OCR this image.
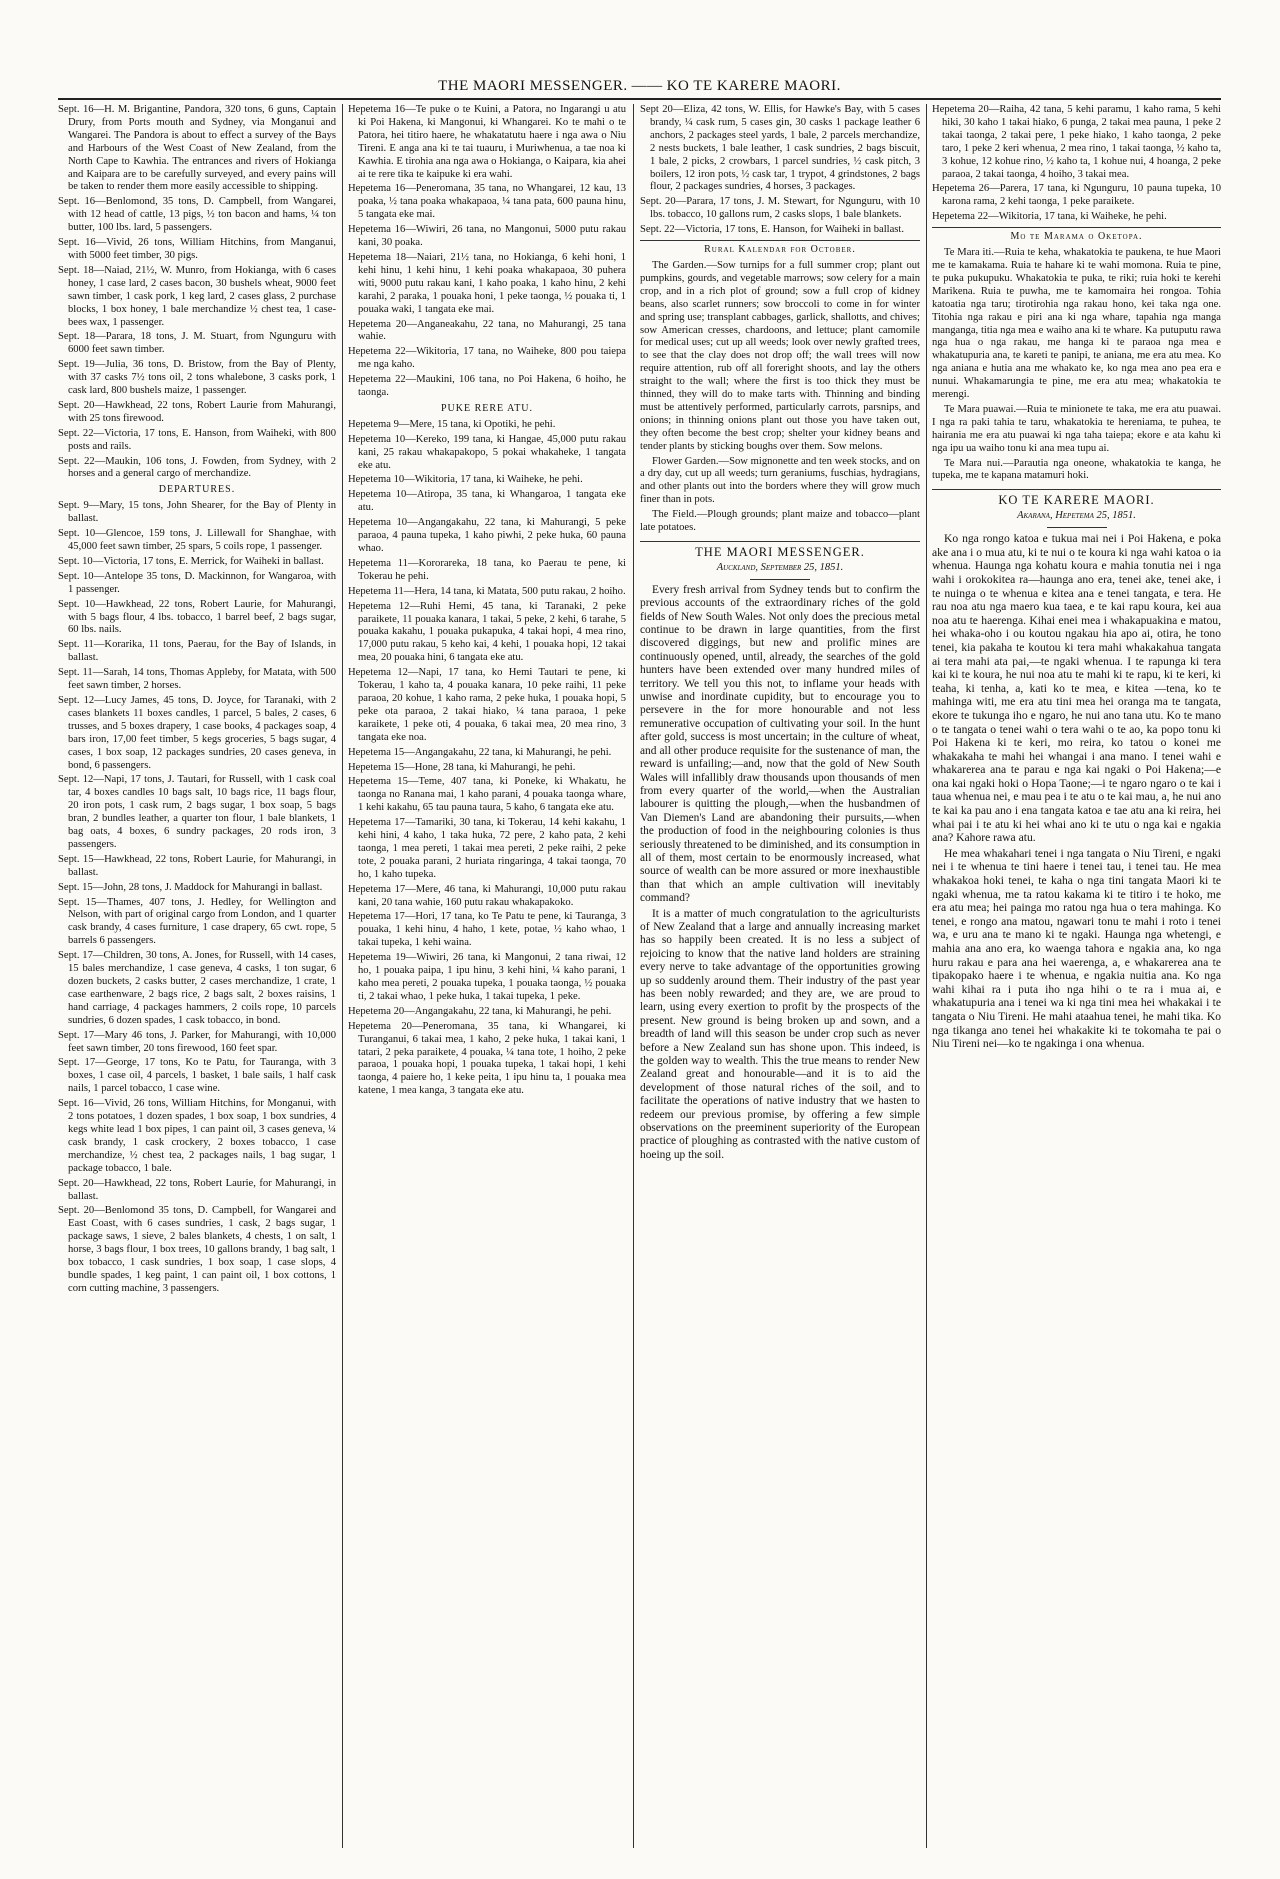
THE MAORI MESSENGER. —— KO TE KARERE MAORI.

Sept. 16—H. M. Brigantine, Pandora, 320 tons, 6 guns, Captain Drury, from Ports mouth and Sydney, via Monganui and Wangarei. The Pandora is about to effect a survey of the Bays and Harbours of the West Coast of New Zealand, from the North Cape to Kawhia. The entrances and rivers of Hokianga and Kaipara are to be carefully surveyed, and every pains will be taken to render them more easily accessible to shipping.

Sept. 16—Benlomond, 35 tons, D. Campbell, from Wangarei, with 12 head of cattle, 13 pigs, ½ ton bacon and hams, ¼ ton butter, 100 lbs. lard, 5 passengers.

Sept. 16—Vivid, 26 tons, William Hitchins, from Manganui, with 5000 feet timber, 30 pigs.

Sept. 18—Naiad, 21½, W. Munro, from Hokianga, with 6 cases honey, 1 case lard, 2 cases bacon, 30 bushels wheat, 9000 feet sawn timber, 1 cask pork, 1 keg lard, 2 cases glass, 2 purchase blocks, 1 box honey, 1 bale merchandize ½ chest tea, 1 case-bees wax, 1 passenger.

Sept. 18—Parara, 18 tons, J. M. Stuart, from Ngunguru with 6000 feet sawn timber.

Sept. 19—Julia, 36 tons, D. Bristow, from the Bay of Plenty, with 37 casks 7½ tons oil, 2 tons whalebone, 3 casks pork, 1 cask lard, 800 bushels maize, 1 passenger.

Sept. 20—Hawkhead, 22 tons, Robert Laurie from Mahurangi, with 25 tons firewood.

Sept. 22—Victoria, 17 tons, E. Hanson, from Waiheki, with 800 posts and rails.

Sept. 22—Maukin, 106 tons, J. Fowden, from Sydney, with 2 horses and a general cargo of merchandize.

DEPARTURES.

Sept. 9—Mary, 15 tons, John Shearer, for the Bay of Plenty in ballast.

Sept. 10—Glencoe, 159 tons, J. Lillewall for Shanghae, with 45,000 feet sawn timber, 25 spars, 5 coils rope, 1 passenger.

Sept. 10—Victoria, 17 tons, E. Merrick, for Waiheki in ballast.

Sept. 10—Antelope 35 tons, D. Mackinnon, for Wangaroa, with 1 passenger.

Sept. 10—Hawkhead, 22 tons, Robert Laurie, for Mahurangi, with 5 bags flour, 4 lbs. tobacco, 1 barrel beef, 2 bags sugar, 60 lbs. nails.

Sept. 11—Korarika, 11 tons, Paerau, for the Bay of Islands, in ballast.

Sept. 11—Sarah, 14 tons, Thomas Appleby, for Matata, with 500 feet sawn timber, 2 horses.

Sept. 12—Lucy James, 45 tons, D. Joyce, for Taranaki, with 2 cases blankets 11 boxes candles, 1 parcel, 5 bales, 2 cases, 6 trusses, and 5 boxes drapery, 1 case books, 4 packages soap, 4 bars iron, 17,00 feet timber, 5 kegs groceries, 5 bags sugar, 4 cases, 1 box soap, 12 packages sundries, 20 cases geneva, in bond, 6 passengers.

Sept. 12—Napi, 17 tons, J. Tautari, for Russell, with 1 cask coal tar, 4 boxes candles 10 bags salt, 10 bags rice, 11 bags flour, 20 iron pots, 1 cask rum, 2 bags sugar, 1 box soap, 5 bags bran, 2 bundles leather, a quarter ton flour, 1 bale blankets, 1 bag oats, 4 boxes, 6 sundry packages, 20 rods iron, 3 passengers.

Sept. 15—Hawkhead, 22 tons, Robert Laurie, for Mahurangi, in ballast.

Sept. 15—John, 28 tons, J. Maddock for Mahurangi in ballast.

Sept. 15—Thames, 407 tons, J. Hedley, for Wellington and Nelson, with part of original cargo from London, and 1 quarter cask brandy, 4 cases furniture, 1 case drapery, 65 cwt. rope, 5 barrels 6 passengers.

Sept. 17—Children, 30 tons, A. Jones, for Russell, with 14 cases, 15 bales merchandize, 1 case geneva, 4 casks, 1 ton sugar, 6 dozen buckets, 2 casks butter, 2 cases merchandize, 1 crate, 1 case earthenware, 2 bags rice, 2 bags salt, 2 boxes raisins, 1 hand carriage, 4 packages hammers, 2 coils rope, 10 parcels sundries, 6 dozen spades, 1 cask tobacco, in bond.

Sept. 17—Mary 46 tons, J. Parker, for Mahurangi, with 10,000 feet sawn timber, 20 tons firewood, 160 feet spar.

Sept. 17—George, 17 tons, Ko te Patu, for Tauranga, with 3 boxes, 1 case oil, 4 parcels, 1 basket, 1 bale sails, 1 half cask nails, 1 parcel tobacco, 1 case wine.

Sept. 16—Vivid, 26 tons, William Hitchins, for Monganui, with 2 tons potatoes, 1 dozen spades, 1 box soap, 1 box sundries, 4 kegs white lead 1 box pipes, 1 can paint oil, 3 cases geneva, ¼ cask brandy, 1 cask crockery, 2 boxes tobacco, 1 case merchandize, ½ chest tea, 2 packages nails, 1 bag sugar, 1 package tobacco, 1 bale.

Sept. 20—Hawkhead, 22 tons, Robert Laurie, for Mahurangi, in ballast.

Sept. 20—Benlomond 35 tons, D. Campbell, for Wangarei and East Coast, with 6 cases sundries, 1 cask, 2 bags sugar, 1 package saws, 1 sieve, 2 bales blankets, 4 chests, 1 on salt, 1 horse, 3 bags flour, 1 box trees, 10 gallons brandy, 1 bag salt, 1 box tobacco, 1 cask sundries, 1 box soap, 1 case slops, 4 bundle spades, 1 keg paint, 1 can paint oil, 1 box cottons, 1 corn cutting machine, 3 passengers.

Hepetema 16—Te puke o te Kuini, a Patora, no Ingarangi u atu ki Poi Hakena, ki Mangonui, ki Whangarei. Ko te mahi o te Patora, hei titiro haere, he whakatatutu haere i nga awa o Niu Tireni. E anga ana ki te tai tuauru, i Muriwhenua, a tae noa ki Kawhia. E tirohia ana nga awa o Hokianga, o Kaipara, kia ahei ai te rere tika te kaipuke ki era wahi.

Hepetema 16—Peneromana, 35 tana, no Whangarei, 12 kau, 13 poaka, ½ tana poaka whakapaoa, ¼ tana pata, 600 pauna hinu, 5 tangata eke mai.

Hepetema 16—Wiwiri, 26 tana, no Mangonui, 5000 putu rakau kani, 30 poaka.

Hepetema 18—Naiari, 21½ tana, no Hokianga, 6 kehi honi, 1 kehi hinu, 1 kehi hinu, 1 kehi poaka whakapaoa, 30 puhera witi, 9000 putu rakau kani, 1 kaho poaka, 1 kaho hinu, 2 kehi karahi, 2 paraka, 1 pouaka honi, 1 peke taonga, ½ pouaka ti, 1 pouaka waki, 1 tangata eke mai.

Hepetema 20—Anganeakahu, 22 tana, no Mahurangi, 25 tana wahie.

Hepetema 22—Wikitoria, 17 tana, no Waiheke, 800 pou taiepa me nga kaho.

Hepetema 22—Maukini, 106 tana, no Poi Hakena, 6 hoiho, he taonga.

PUKE RERE ATU.

Hepetema 9—Mere, 15 tana, ki Opotiki, he pehi.

Hepetema 10—Kereko, 199 tana, ki Hangae, 45,000 putu rakau kani, 25 rakau whakapakopo, 5 pokai whakaheke, 1 tangata eke atu.

Hepetema 10—Wikitoria, 17 tana, ki Waiheke, he pehi.

Hepetema 10—Atiropa, 35 tana, ki Whangaroa, 1 tangata eke atu.

Hepetema 10—Angangakahu, 22 tana, ki Mahurangi, 5 peke paraoa, 4 pauna tupeka, 1 kaho piwhi, 2 peke huka, 60 pauna whao.

Hepetema 11—Kororareka, 18 tana, ko Paerau te pene, ki Tokerau he pehi.

Hepetema 11—Hera, 14 tana, ki Matata, 500 putu rakau, 2 hoiho.

Hepetema 12—Ruhi Hemi, 45 tana, ki Taranaki, 2 peke paraikete, 11 pouaka kanara, 1 takai, 5 peke, 2 kehi, 6 tarahe, 5 pouaka kakahu, 1 pouaka pukapuka, 4 takai hopi, 4 mea rino, 17,000 putu rakau, 5 keho kai, 4 kehi, 1 pouaka hopi, 12 takai mea, 20 pouaka hini, 6 tangata eke atu.

Hepetema 12—Napi, 17 tana, ko Hemi Tautari te pene, ki Tokerau, 1 kaho ta, 4 pouaka kanara, 10 peke raihi, 11 peke paraoa, 20 kohue, 1 kaho rama, 2 peke huka, 1 pouaka hopi, 5 peke ota paraoa, 2 takai hiako, ¼ tana paraoa, 1 peke karaikete, 1 peke oti, 4 pouaka, 6 takai mea, 20 mea rino, 3 tangata eke noa.

Hepetema 15—Angangakahu, 22 tana, ki Mahurangi, he pehi.

Hepetema 15—Hone, 28 tana, ki Mahurangi, he pehi.

Hepetema 15—Teme, 407 tana, ki Poneke, ki Whakatu, he taonga no Ranana mai, 1 kaho parani, 4 pouaka taonga whare, 1 kehi kakahu, 65 tau pauna taura, 5 kaho, 6 tangata eke atu.

Hepetema 17—Tamariki, 30 tana, ki Tokerau, 14 kehi kakahu, 1 kehi hini, 4 kaho, 1 taka huka, 72 pere, 2 kaho pata, 2 kehi taonga, 1 mea pereti, 1 takai mea pereti, 2 peke raihi, 2 peke tote, 2 pouaka parani, 2 huriata ringaringa, 4 takai taonga, 70 ho, 1 kaho tupeka.

Hepetema 17—Mere, 46 tana, ki Mahurangi, 10,000 putu rakau kani, 20 tana wahie, 160 putu rakau whakapakoko.

Hepetema 17—Hori, 17 tana, ko Te Patu te pene, ki Tauranga, 3 pouaka, 1 kehi hinu, 4 haho, 1 kete, potae, ½ kaho whao, 1 takai tupeka, 1 kehi waina.

Hepetema 19—Wiwiri, 26 tana, ki Mangonui, 2 tana riwai, 12 ho, 1 pouaka paipa, 1 ipu hinu, 3 kehi hini, ¼ kaho parani, 1 kaho mea pereti, 2 pouaka tupeka, 1 pouaka taonga, ½ pouaka ti, 2 takai whao, 1 peke huka, 1 takai tupeka, 1 peke.

Hepetema 20—Angangakahu, 22 tana, ki Mahurangi, he pehi.

Hepetema 20—Peneromana, 35 tana, ki Whangarei, ki Turanganui, 6 takai mea, 1 kaho, 2 peke huka, 1 takai kani, 1 tatari, 2 peka paraikete, 4 pouaka, ¼ tana tote, 1 hoiho, 2 peke paraoa, 1 pouaka hopi, 1 pouaka tupeka, 1 takai hopi, 1 kehi taonga, 4 paiere ho, 1 keke peita, 1 ipu hinu ta, 1 pouaka mea katene, 1 mea kanga, 3 tangata eke atu.

Sept 20—Eliza, 42 tons, W. Ellis, for Hawke's Bay, with 5 cases brandy, ¼ cask rum, 5 cases gin, 30 casks 1 package leather 6 anchors, 2 packages steel yards, 1 bale, 2 parcels merchandize, 2 nests buckets, 1 bale leather, 1 cask sundries, 2 bags biscuit, 1 bale, 2 picks, 2 crowbars, 1 parcel sundries, ½ cask pitch, 3 boilers, 12 iron pots, ½ cask tar, 1 trypot, 4 grindstones, 2 bags flour, 2 packages sundries, 4 horses, 3 packages.

Sept. 20—Parara, 17 tons, J. M. Stewart, for Ngunguru, with 10 lbs. tobacco, 10 gallons rum, 2 casks slops, 1 bale blankets.

Sept. 22—Victoria, 17 tons, E. Hanson, for Waiheki in ballast.

Rural Kalendar for October.

The Garden.—Sow turnips for a full summer crop; plant out pumpkins, gourds, and vegetable marrows; sow celery for a main crop, and in a rich plot of ground; sow a full crop of kidney beans, also scarlet runners; sow broccoli to come in for winter and spring use; transplant cabbages, garlick, shallotts, and chives; sow American cresses, chardoons, and lettuce; plant camomile for medical uses; cut up all weeds; look over newly grafted trees, to see that the clay does not drop off; the wall trees will now require attention, rub off all foreright shoots, and lay the others straight to the wall; where the first is too thick they must be thinned, they will do to make tarts with. Thinning and binding must be attentively performed, particularly carrots, parsnips, and onions; in thinning onions plant out those you have taken out, they often become the best crop; shelter your kidney beans and tender plants by sticking boughs over them. Sow melons.

Flower Garden.—Sow mignonette and ten week stocks, and on a dry day, cut up all weeds; turn geraniums, fuschias, hydragians, and other plants out into the borders where they will grow much finer than in pots.

The Field.—Plough grounds; plant maize and tobacco—plant late potatoes.

THE MAORI MESSENGER.
Auckland, September 25, 1851.

Every fresh arrival from Sydney tends but to confirm the previous accounts of the extraordinary riches of the gold fields of New South Wales. Not only does the precious metal continue to be drawn in large quantities, from the first discovered diggings, but new and prolific mines are continuously opened, until, already, the searches of the gold hunters have been extended over many hundred miles of territory. We tell you this not, to inflame your heads with unwise and inordinate cupidity, but to encourage you to persevere in the for more honourable and not less remunerative occupation of cultivating your soil. In the hunt after gold, success is most uncertain; in the culture of wheat, and all other produce requisite for the sustenance of man, the reward is unfailing;—and, now that the gold of New South Wales will infallibly draw thousands upon thousands of men from every quarter of the world,—when the Australian labourer is quitting the plough,—when the husbandmen of Van Diemen's Land are abandoning their pursuits,—when the production of food in the neighbouring colonies is thus seriously threatened to be diminished, and its consumption in all of them, most certain to be enormously increased, what source of wealth can be more assured or more inexhaustible than that which an ample cultivation will inevitably command?

It is a matter of much congratulation to the agriculturists of New Zealand that a large and annually increasing market has so happily been created. It is no less a subject of rejoicing to know that the native land holders are straining every nerve to take advantage of the opportunities growing up so suddenly around them. Their industry of the past year has been nobly rewarded; and they are, we are proud to learn, using every exertion to profit by the prospects of the present. New ground is being broken up and sown, and a breadth of land will this season be under crop such as never before a New Zealand sun has shone upon. This indeed, is the golden way to wealth. This the true means to render New Zealand great and honourable—and it is to aid the development of those natural riches of the soil, and to facilitate the operations of native industry that we hasten to redeem our previous promise, by offering a few simple observations on the preeminent superiority of the European practice of ploughing as contrasted with the native custom of hoeing up the soil.

Hepetema 20—Raiha, 42 tana, 5 kehi paramu, 1 kaho rama, 5 kehi hiki, 30 kaho 1 takai hiako, 6 punga, 2 takai mea pauna, 1 peke 2 takai taonga, 2 takai pere, 1 peke hiako, 1 kaho taonga, 2 peke taro, 1 peke 2 keri whenua, 2 mea rino, 1 takai taonga, ½ kaho ta, 3 kohue, 12 kohue rino, ½ kaho ta, 1 kohue nui, 4 hoanga, 2 peke paraoa, 2 takai taonga, 4 hoiho, 3 takai mea.

Hepetema 26—Parera, 17 tana, ki Ngunguru, 10 pauna tupeka, 10 karona rama, 2 kehi taonga, 1 peke paraikete.

Hepetema 22—Wikitoria, 17 tana, ki Waiheke, he pehi.

Mo te Marama o Oketopa.

Te Mara iti.—Ruia te keha, whakatokia te paukena, te hue Maori me te kamakama. Ruia te hahare ki te wahi momona. Ruia te pine, te puka pukupuku. Whakatokia te puka, te riki; ruia hoki te kerehi Marikena. Ruia te puwha, me te kamomaira hei rongoa. Tohia katoatia nga taru; tirotirohia nga rakau hono, kei taka nga one. Titohia nga rakau e piri ana ki nga whare, tapahia nga manga manganga, titia nga mea e waiho ana ki te whare. Ka putuputu rawa nga hua o nga rakau, me hanga ki te paraoa nga mea e whakatupuria ana, te kareti te panipi, te aniana, me era atu mea. Ko nga aniana e hutia ana me whakato ke, ko nga mea ano pea era e nunui. Whakamarungia te pine, me era atu mea; whakatokia te merengi.

Te Mara puawai.—Ruia te minionete te taka, me era atu puawai. I nga ra paki tahia te taru, whakatokia te hereniama, te puhea, te hairania me era atu puawai ki nga taha taiepa; ekore e ata kahu ki nga ipu ua waiho tonu ki ana mea tupu ai.

Te Mara nui.—Parautia nga oneone, whakatokia te kanga, he tupeka, me te kapana matamuri hoki.

KO TE KARERE MAORI.
Akarana, Hepetema 25, 1851.

Ko nga rongo katoa e tukua mai nei i Poi Hakena, e poka ake ana i o mua atu, ki te nui o te koura ki nga wahi katoa o ia whenua. Haunga nga kohatu koura e mahia tonutia nei i nga wahi i orokokitea ra—haunga ano era, tenei ake, tenei ake, i te nuinga o te whenua e kitea ana e tenei tangata, e tera. He rau noa atu nga maero kua taea, e te kai rapu koura, kei aua noa atu te haerenga. Kihai enei mea i whakapuakina e matou, hei whaka-oho i ou koutou ngakau hia apo ai, otira, he tono tenei, kia pakaha te koutou ki tera mahi whakakahua tangata ai tera mahi ata pai,—te ngaki whenua. I te rapunga ki tera kai ki te koura, he nui noa atu te mahi ki te rapu, ki te keri, ki teaha, ki tenha, a, kati ko te mea, e kitea —tena, ko te mahinga witi, me era atu tini mea hei oranga ma te tangata, ekore te tukunga iho e ngaro, he nui ano tana utu. Ko te mano o te tangata o tenei wahi o tera wahi o te ao, ka popo tonu ki Poi Hakena ki te keri, mo reira, ko tatou o konei me whakakaha te mahi hei whangai i ana mano. I tenei wahi e whakarerea ana te parau e nga kai ngaki o Poi Hakena;—e ona kai ngaki hoki o Hopa Taone;—i te ngaro ngaro o te kai i taua whenua nei, e mau pea i te atu o te kai mau, a, he nui ano te kai ka pau ano i ena tangata katoa e tae atu ana ki reira, hei whai pai i te atu ki hei whai ano ki te utu o nga kai e ngakia ana? Kahore rawa atu.

He mea whakahari tenei i nga tangata o Niu Tireni, e ngaki nei i te whenua te tini haere i tenei tau, i tenei tau. He mea whakakoa hoki tenei, te kaha o nga tini tangata Maori ki te ngaki whenua, me ta ratou kakama ki te titiro i te hoko, me era atu mea; hei painga mo ratou nga hua o tera mahinga. Ko tenei, e rongo ana matou, ngawari tonu te mahi i roto i tenei wa, e uru ana te mano ki te ngaki. Haunga nga whetengi, e mahia ana ano era, ko waenga tahora e ngakia ana, ko nga huru rakau e para ana hei waerenga, a, e whakarerea ana te tipakopako haere i te whenua, e ngakia nuitia ana. Ko nga wahi kihai ra i puta iho nga hihi o te ra i mua ai, e whakatupuria ana i tenei wa ki nga tini mea hei whakakai i te tangata o Niu Tireni. He mahi ataahua tenei, he mahi tika. Ko nga tikanga ano tenei hei whakakite ki te tokomaha te pai o Niu Tireni nei—ko te ngakinga i ona whenua.
